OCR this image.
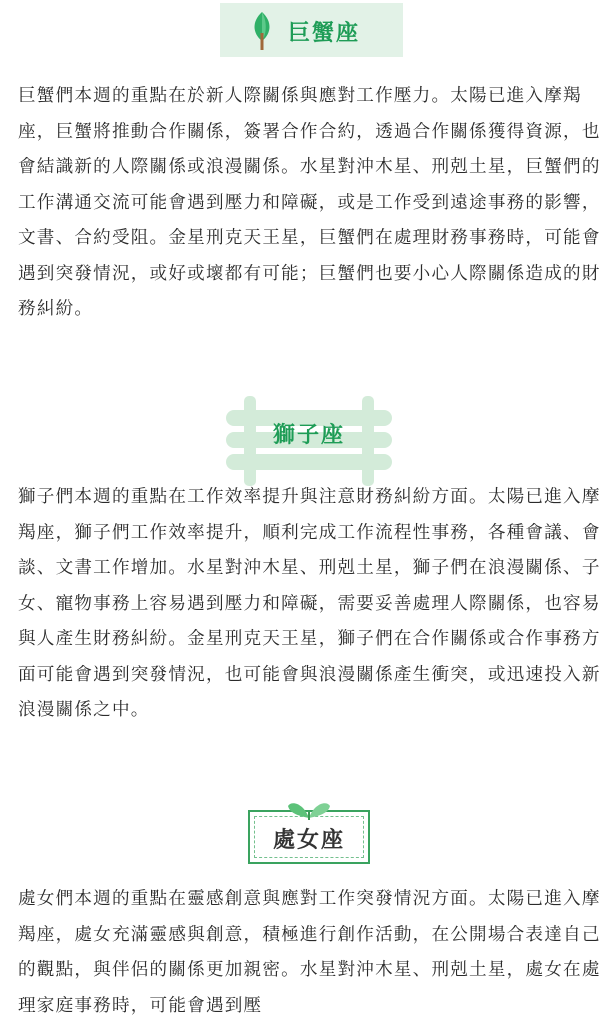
巨蟹座

巨蟹們本週的重點在於新人際關係與應對工作壓力。太陽已進入摩羯座，巨蟹將推動合作關係，簽署合作合約，透過合作關係獲得資源，也會結識新的人際關係或浪漫關係。水星對沖木星、刑剋土星，巨蟹們的工作溝通交流可能會遇到壓力和障礙，或是工作受到遠途事務的影響，文書、合約受阻。金星刑克天王星，巨蟹們在處理財務事務時，可能會遇到突發情況，或好或壞都有可能；巨蟹們也要小心人際關係造成的財務糾紛。

獅子座

獅子們本週的重點在工作效率提升與注意財務糾紛方面。太陽已進入摩羯座，獅子們工作效率提升，順利完成工作流程性事務，各種會議、會談、文書工作增加。水星對沖木星、刑剋土星，獅子們在浪漫關係、子女、寵物事務上容易遇到壓力和障礙，需要妥善處理人際關係，也容易與人產生財務糾紛。金星刑克天王星，獅子們在合作關係或合作事務方面可能會遇到突發情況，也可能會與浪漫關係產生衝突，或迅速投入新浪漫關係之中。

處女座

處女們本週的重點在靈感創意與應對工作突發情況方面。太陽已進入摩羯座，處女充滿靈感與創意，積極進行創作活動，在公開場合表達自己的觀點，與伴侶的關係更加親密。水星對沖木星、刑剋土星，處女在處理家庭事務時，可能會遇到壓
